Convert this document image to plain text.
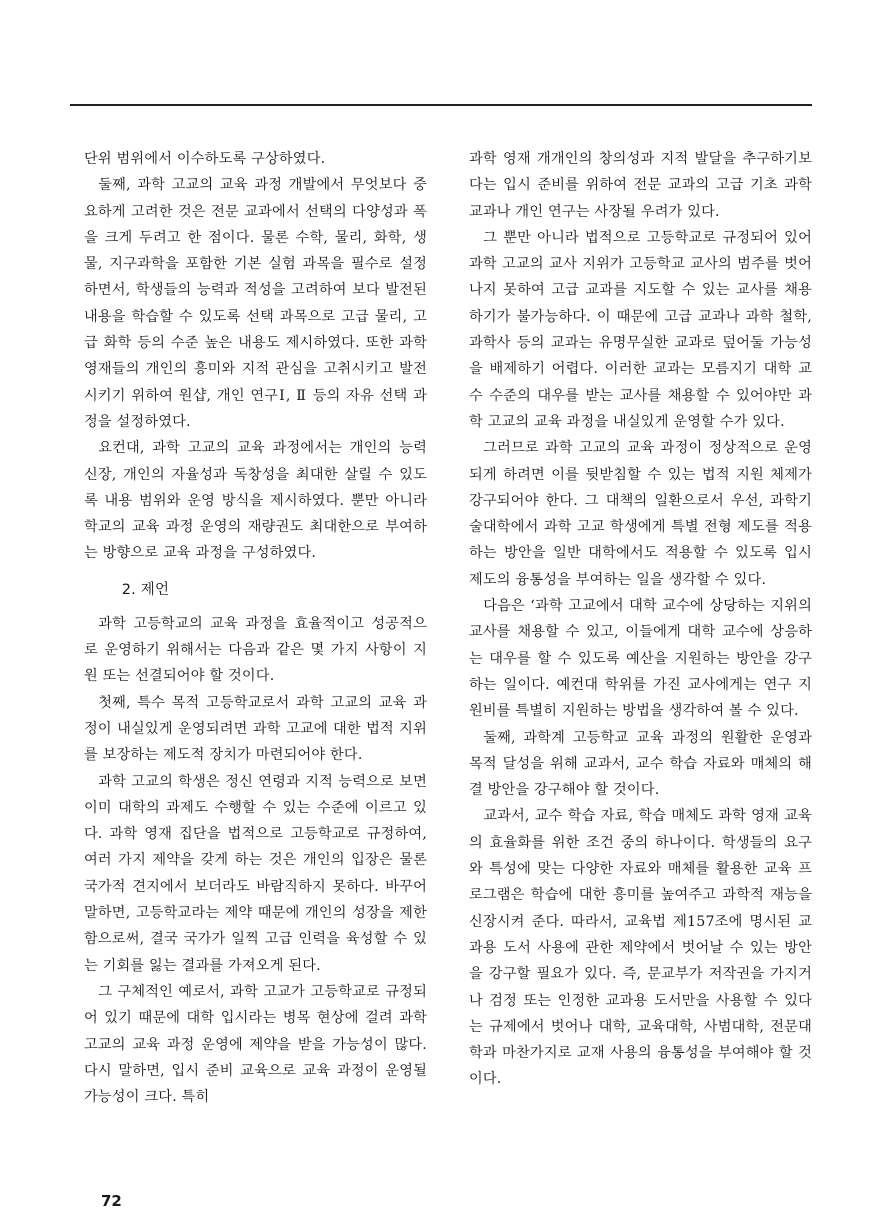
단위 범위에서 이수하도록 구상하였다.

둘째, 과학 고교의 교육 과정 개발에서 무엇보다 중요하게 고려한 것은 전문 교과에서 선택의 다양성과 폭을 크게 두려고 한 점이다. 물론 수학, 물리, 화학, 생물, 지구과학을 포함한 기본 실험 과목을 필수로 설정하면서, 학생들의 능력과 적성을 고려하여 보다 발전된 내용을 학습할 수 있도록 선택 과목으로 고급 물리, 고급 화학 등의 수준 높은 내용도 제시하였다. 또한 과학 영재들의 개인의 흥미와 지적 관심을 고취시키고 발전시키기 위하여 원샵, 개인 연구Ⅰ, Ⅱ 등의 자유 선택 과정을 설정하였다.

요컨대, 과학 고교의 교육 과정에서는 개인의 능력 신장, 개인의 자율성과 독창성을 최대한 살릴 수 있도록 내용 범위와 운영 방식을 제시하였다. 뿐만 아니라 학교의 교육 과정 운영의 재량권도 최대한으로 부여하는 방향으로 교육 과정을 구성하였다.

2. 제언

과학 고등학교의 교육 과정을 효율적이고 성공적으로 운영하기 위해서는 다음과 같은 몇 가지 사항이 지원 또는 선결되어야 할 것이다.

첫째, 특수 목적 고등학교로서 과학 고교의 교육 과정이 내실있게 운영되려면 과학 고교에 대한 법적 지위를 보장하는 제도적 장치가 마련되어야 한다.

과학 고교의 학생은 정신 연령과 지적 능력으로 보면 이미 대학의 과제도 수행할 수 있는 수준에 이르고 있다. 과학 영재 집단을 법적으로 고등학교로 규정하여, 여러 가지 제약을 갖게 하는 것은 개인의 입장은 물론 국가적 견지에서 보더라도 바람직하지 못하다. 바꾸어 말하면, 고등학교라는 제약 때문에 개인의 성장을 제한함으로써, 결국 국가가 일찍 고급 인력을 육성할 수 있는 기회를 잃는 결과를 가져오게 된다.

그 구체적인 예로서, 과학 고교가 고등학교로 규정되어 있기 때문에 대학 입시라는 병목 현상에 걸려 과학 고교의 교육 과정 운영에 제약을 받을 가능성이 많다. 다시 말하면, 입시 준비 교육으로 교육 과정이 운영될 가능성이 크다. 특히

과학 영재 개개인의 창의성과 지적 발달을 추구하기보다는 입시 준비를 위하여 전문 교과의 고급 기초 과학 교과나 개인 연구는 사장될 우려가 있다.

그 뿐만 아니라 법적으로 고등학교로 규정되어 있어 과학 고교의 교사 지위가 고등학교 교사의 범주를 벗어나지 못하여 고급 교과를 지도할 수 있는 교사를 채용하기가 불가능하다. 이 때문에 고급 교과나 과학 철학, 과학사 등의 교과는 유명무실한 교과로 덮어둘 가능성을 배제하기 어렵다. 이러한 교과는 모름지기 대학 교수 수준의 대우를 받는 교사를 채용할 수 있어야만 과학 고교의 교육 과정을 내실있게 운영할 수가 있다.

그러므로 과학 고교의 교육 과정이 정상적으로 운영되게 하려면 이를 뒷받침할 수 있는 법적 지원 체제가 강구되어야 한다. 그 대책의 일환으로서 우선, 과학기술대학에서 과학 고교 학생에게 특별 전형 제도를 적용하는 방안을 일반 대학에서도 적용할 수 있도록 입시 제도의 융통성을 부여하는 일을 생각할 수 있다.

다음은 ‘과학 고교에서 대학 교수에 상당하는 지위의 교사를 채용할 수 있고, 이들에게 대학 교수에 상응하는 대우를 할 수 있도록 예산을 지원하는 방안을 강구하는 일이다. 예컨대 학위를 가진 교사에게는 연구 지원비를 특별히 지원하는 방법을 생각하여 볼 수 있다.

둘째, 과학계 고등학교 교육 과정의 원활한 운영과 목적 달성을 위해 교과서, 교수 학습 자료와 매체의 해결 방안을 강구해야 할 것이다.

교과서, 교수 학습 자료, 학습 매체도 과학 영재 교육의 효율화를 위한 조건 중의 하나이다. 학생들의 요구와 특성에 맞는 다양한 자료와 매체를 활용한 교육 프로그램은 학습에 대한 흥미를 높여주고 과학적 재능을 신장시켜 준다. 따라서, 교육법 제157조에 명시된 교과용 도서 사용에 관한 제약에서 벗어날 수 있는 방안을 강구할 필요가 있다. 즉, 문교부가 저작권을 가지거나 검정 또는 인정한 교과용 도서만을 사용할 수 있다는 규제에서 벗어나 대학, 교육대학, 사범대학, 전문대학과 마찬가지로 교재 사용의 융통성을 부여해야 할 것이다.

72
